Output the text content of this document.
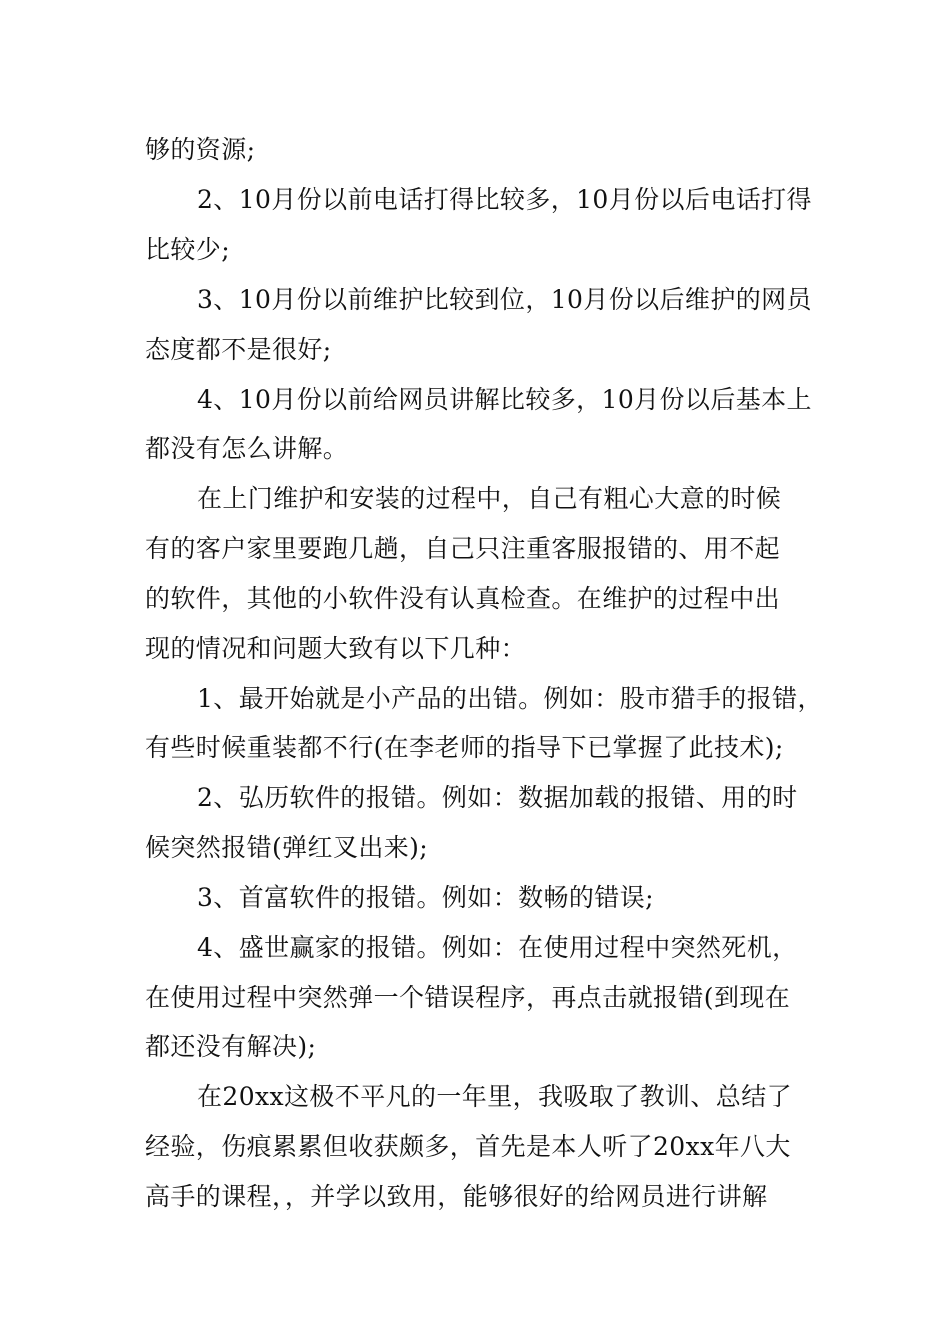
够的资源;
2、10月份以前电话打得比较多，10月份以后电话打得
比较少;
3、10月份以前维护比较到位，10月份以后维护的网员
态度都不是很好;
4、10月份以前给网员讲解比较多，10月份以后基本上
都没有怎么讲解。
在上门维护和安装的过程中，自己有粗心大意的时候
有的客户家里要跑几趟，自己只注重客服报错的、用不起
的软件，其他的小软件没有认真检查。在维护的过程中出
现的情况和问题大致有以下几种：
1、最开始就是小产品的出错。例如：股市猎手的报错，
有些时候重装都不行(在李老师的指导下已掌握了此技术);
2、弘历软件的报错。例如：数据加载的报错、用的时
候突然报错(弹红叉出来);
3、首富软件的报错。例如：数畅的错误;
4、盛世赢家的报错。例如：在使用过程中突然死机，
在使用过程中突然弹一个错误程序，再点击就报错(到现在
都还没有解决);
在20xx这极不平凡的一年里，我吸取了教训、总结了
经验，伤痕累累但收获颇多，首先是本人听了20xx年八大
高手的课程，，并学以致用，能够很好的给网员进行讲解
